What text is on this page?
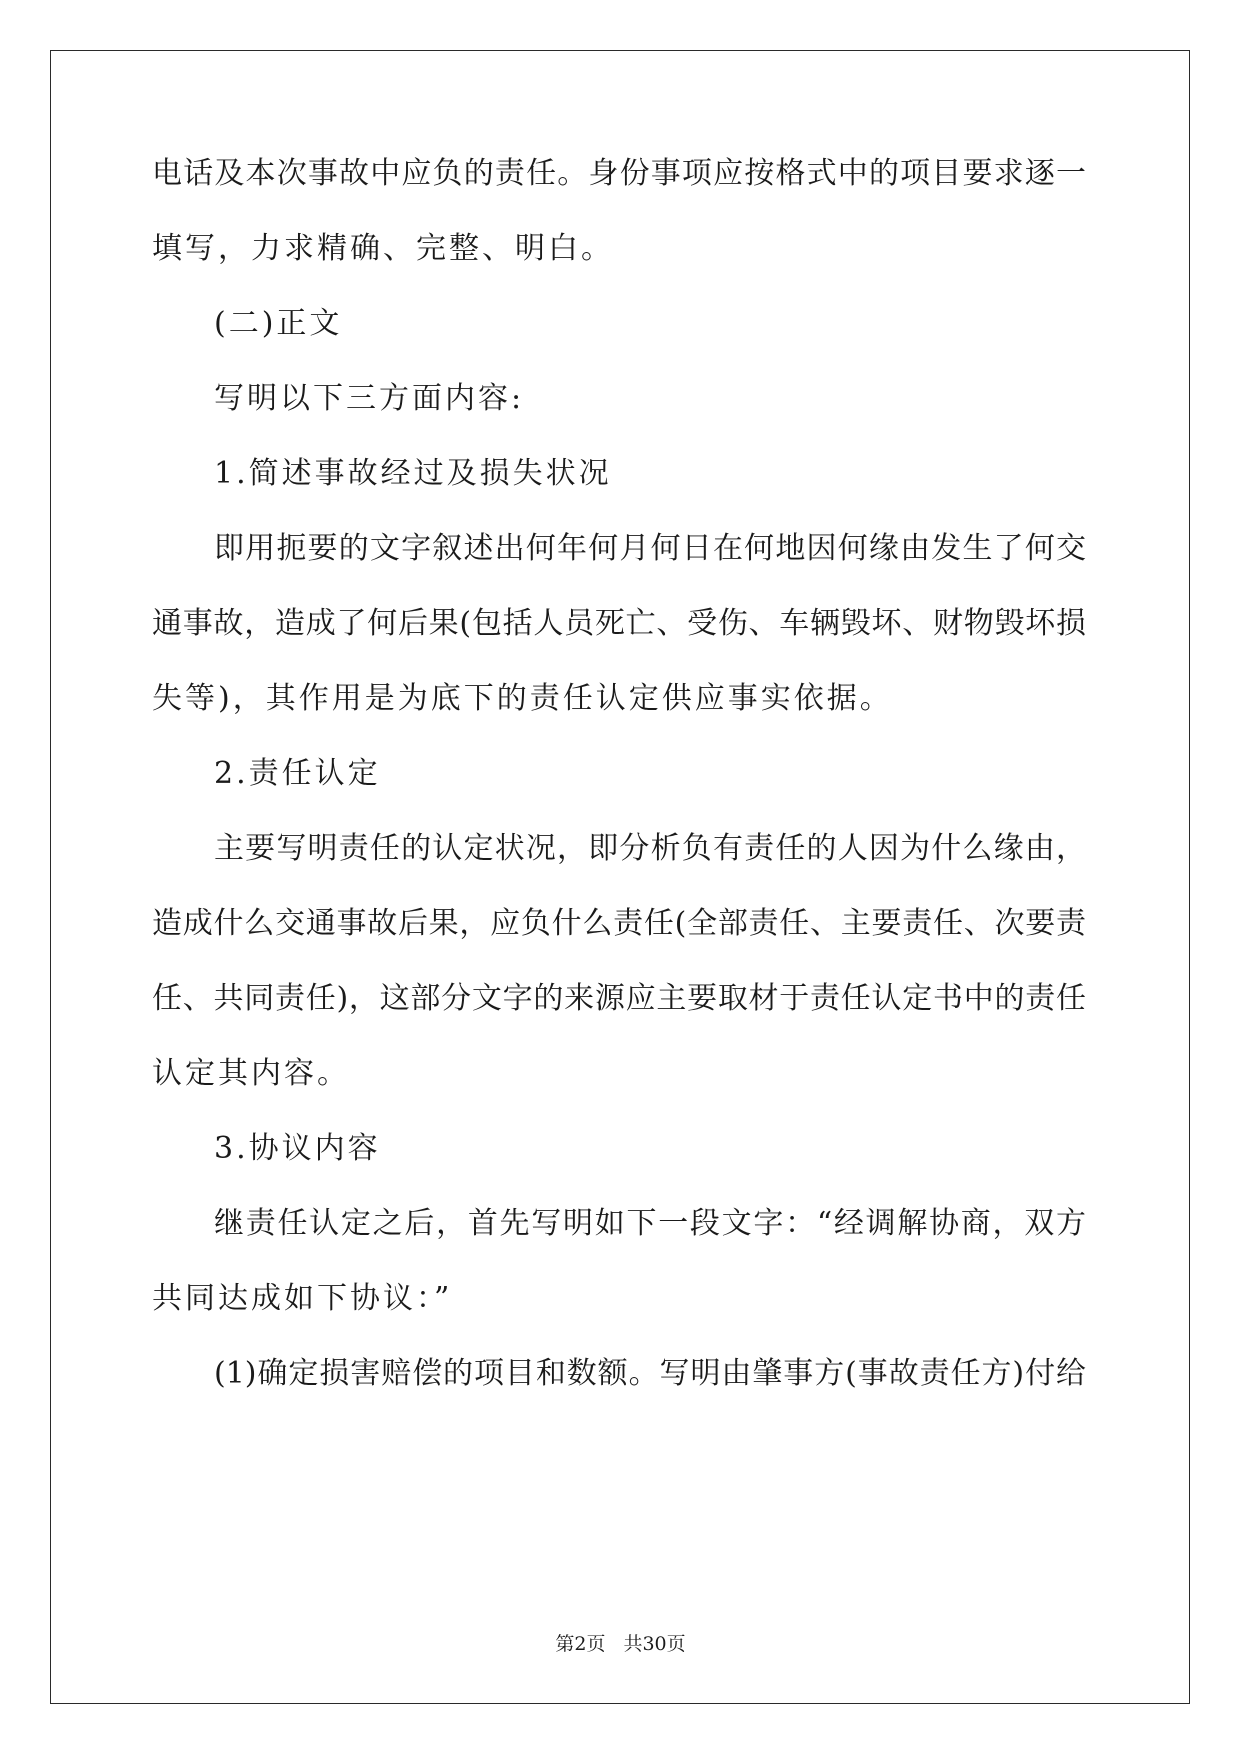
电话及本次事故中应负的责任。身份事项应按格式中的项目要求逐一
填写，力求精确、完整、明白。
(二)正文
写明以下三方面内容:
1.简述事故经过及损失状况
即用扼要的文字叙述出何年何月何日在何地因何缘由发生了何交
通事故，造成了何后果(包括人员死亡、受伤、车辆毁坏、财物毁坏损
失等)，其作用是为底下的责任认定供应事实依据。
2.责任认定
主要写明责任的认定状况，即分析负有责任的人因为什么缘由，
造成什么交通事故后果，应负什么责任(全部责任、主要责任、次要责
任、共同责任)，这部分文字的来源应主要取材于责任认定书中的责任
认定其内容。
3.协议内容
继责任认定之后，首先写明如下一段文字：“经调解协商，双方
共同达成如下协议：”
(1)确定损害赔偿的项目和数额。写明由肇事方(事故责任方)付给
第2页 共30页
